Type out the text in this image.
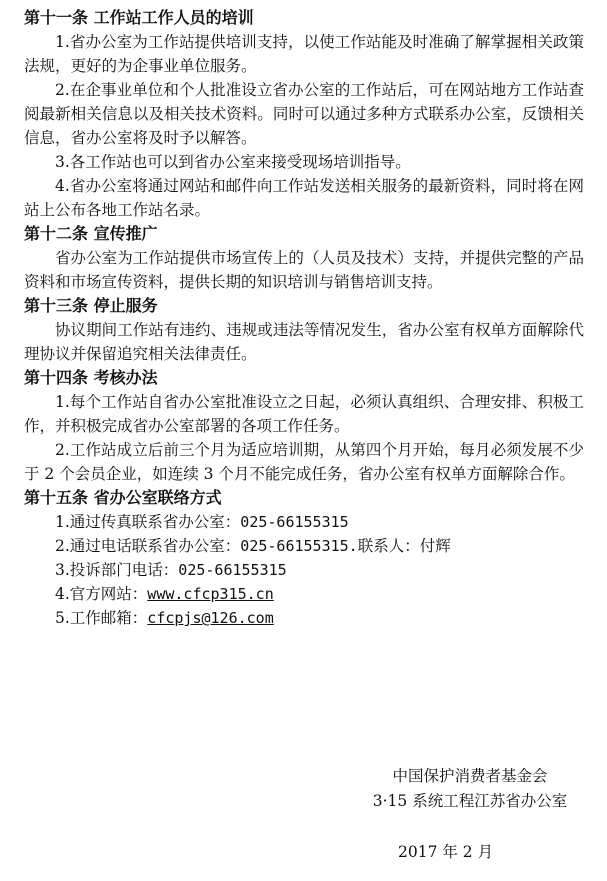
第十一条 工作站工作人员的培训

1.省办公室为工作站提供培训支持，以使工作站能及时准确了解掌握相关政策法规，更好的为企事业单位服务。

2.在企事业单位和个人批准设立省办公室的工作站后，可在网站地方工作站查阅最新相关信息以及相关技术资料。同时可以通过多种方式联系办公室，反馈相关信息，省办公室将及时予以解答。

3.各工作站也可以到省办公室来接受现场培训指导。

4.省办公室将通过网站和邮件向工作站发送相关服务的最新资料，同时将在网站上公布各地工作站名录。

第十二条 宣传推广

省办公室为工作站提供市场宣传上的（人员及技术）支持，并提供完整的产品资料和市场宣传资料，提供长期的知识培训与销售培训支持。

第十三条 停止服务

协议期间工作站有违约、违规或违法等情况发生，省办公室有权单方面解除代理协议并保留追究相关法律责任。

第十四条 考核办法

1.每个工作站自省办公室批准设立之日起，必须认真组织、合理安排、积极工作，并积极完成省办公室部署的各项工作任务。

2.工作站成立后前三个月为适应培训期，从第四个月开始，每月必须发展不少于 2 个会员企业，如连续 3 个月不能完成任务，省办公室有权单方面解除合作。

第十五条 省办公室联络方式

1.通过传真联系省办公室：025-66155315

2.通过电话联系省办公室：025-66155315.联系人：付辉

3.投诉部门电话：025-66155315

4.官方网站：www.cfcp315.cn

5.工作邮箱：cfcpjs@126.com

中国保护消费者基金会
3·15 系统工程江苏省办公室
2017 年 2 月
